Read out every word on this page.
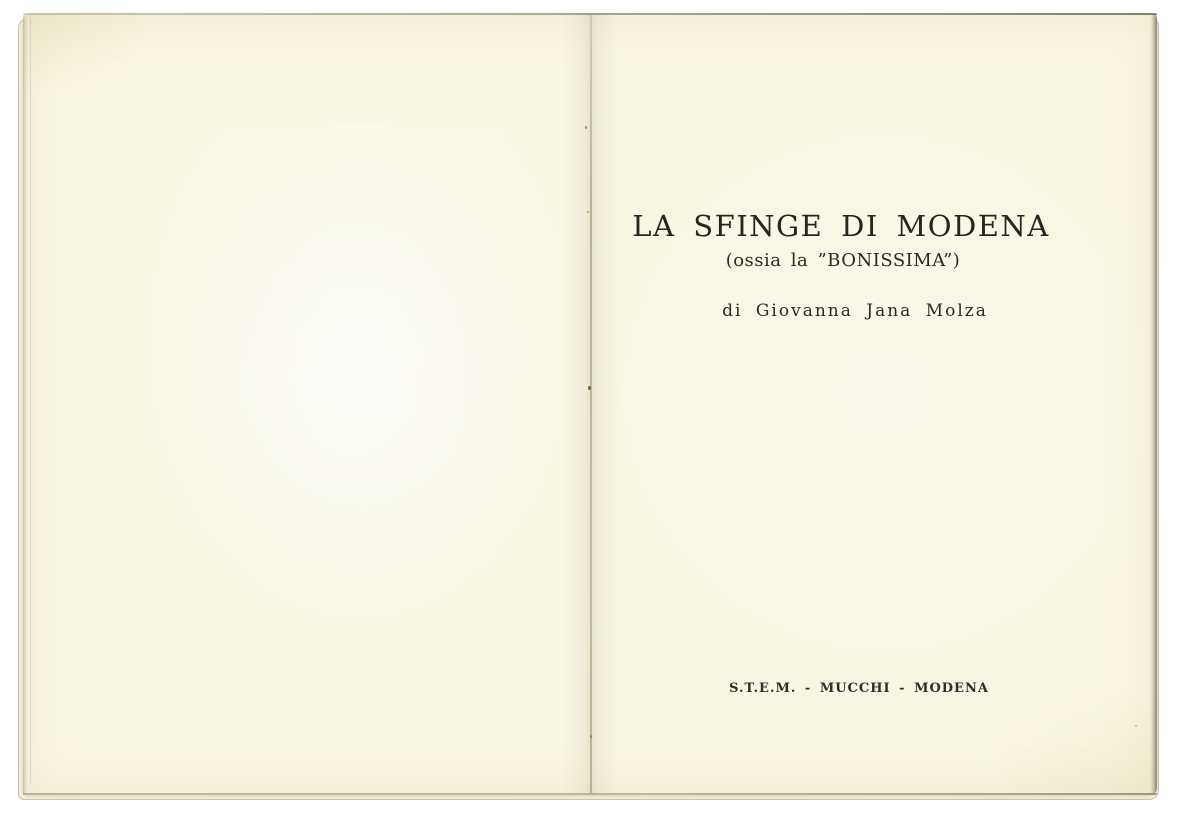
LA SFINGE DI MODENA
(ossia la ”BONISSIMA”)
di Giovanna Jana Molza
S.T.E.M. - MUCCHI - MODENA
